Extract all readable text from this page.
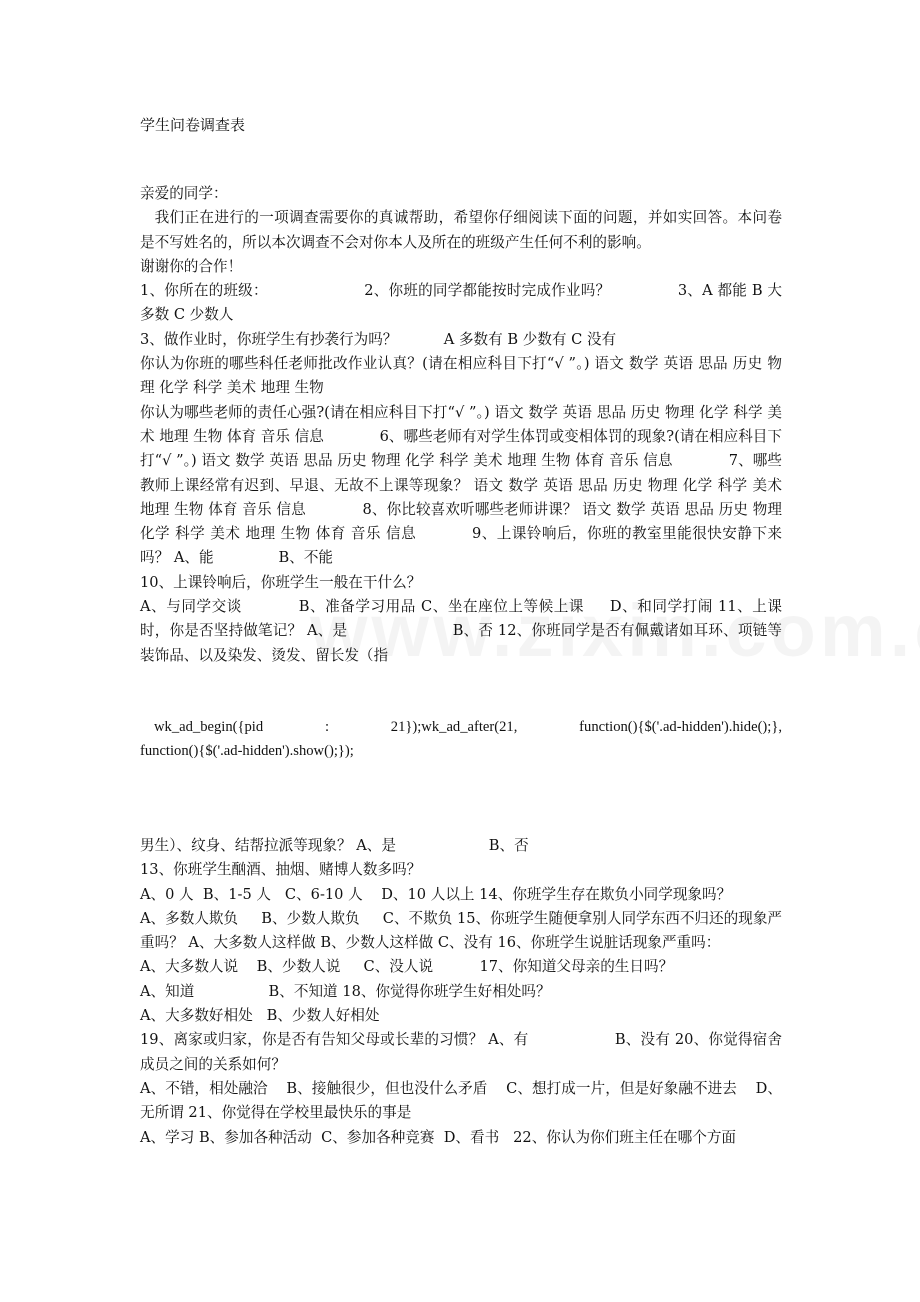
学生问卷调查表

亲爱的同学：

我们正在进行的一项调查需要你的真诚帮助，希望你仔细阅读下面的问题，并如实回答。本问卷是不写姓名的，所以本次调查不会对你本人及所在的班级产生任何不利的影响。

谢谢你的合作！

1、你所在的班级：                    2、你班的同学都能按时完成作业吗？              3、A 都能 B 大多数 C 少数人

3、做作业时，你班学生有抄袭行为吗？          A 多数有 B 少数有 C 没有

你认为你班的哪些科任老师批改作业认真？(请在相应科目下打“√ ”。) 语文 数学 英语 思品 历史 物理 化学 科学 美术 地理 生物

你认为哪些老师的责任心强?(请在相应科目下打“√ ”。) 语文 数学 英语 思品 历史 物理 化学 科学 美术 地理 生物 体育 音乐 信息            6、哪些老师有对学生体罚或变相体罚的现象?(请在相应科目下打“√ ”。) 语文 数学 英语 思品 历史 物理 化学 科学 美术 地理 生物 体育 音乐 信息            7、哪些教师上课经常有迟到、早退、无故不上课等现象？ 语文 数学 英语 思品 历史 物理 化学 科学 美术 地理 生物 体育 音乐 信息            8、你比较喜欢听哪些老师讲课？ 语文 数学 英语 思品 历史 物理 化学 科学 美术 地理 生物 体育 音乐 信息           9、上课铃响后，你班的教室里能很快安静下来吗？ A、能              B、不能

10、上课铃响后，你班学生一般在干什么？

A、与同学交谈           B、准备学习用品 C、坐在座位上等候上课     D、和同学打闹 11、上课时，你是否坚持做笔记？ A、是                      B、否 12、你班同学是否有佩戴诸如耳环、项链等装饰品、以及染发、烫发、留长发（指

wk_ad_begin({pid	:	21});wk_ad_after(21,	function(){$('.ad-hidden').hide();},
function(){$('.ad-hidden').show();});

男生）、纹身、结帮拉派等现象？ A、是                    B、否

13、你班学生酗酒、抽烟、赌博人数多吗？

A、0 人  B、1-5 人   C、6-10 人    D、10 人以上 14、你班学生存在欺负小同学现象吗？

A、多数人欺负     B、少数人欺负     C、不欺负 15、你班学生随便拿别人同学东西不归还的现象严重吗？ A、大多数人这样做 B、少数人这样做 C、没有 16、你班学生说脏话现象严重吗：

A、大多数人说    B、少数人说     C、没人说          17、你知道父母亲的生日吗？

A、知道                B、不知道 18、你觉得你班学生好相处吗？

A、大多数好相处   B、少数人好相处

19、离家或归家，你是否有告知父母或长辈的习惯？ A、有                  B、没有 20、你觉得宿舍成员之间的关系如何？

A、不错，相处融洽    B、接触很少，但也没什么矛盾    C、想打成一片，但是好象融不进去    D、无所谓 21、你觉得在学校里最快乐的事是

A、学习 B、参加各种活动  C、参加各种竞赛  D、看书   22、你认为你们班主任在哪个方面
